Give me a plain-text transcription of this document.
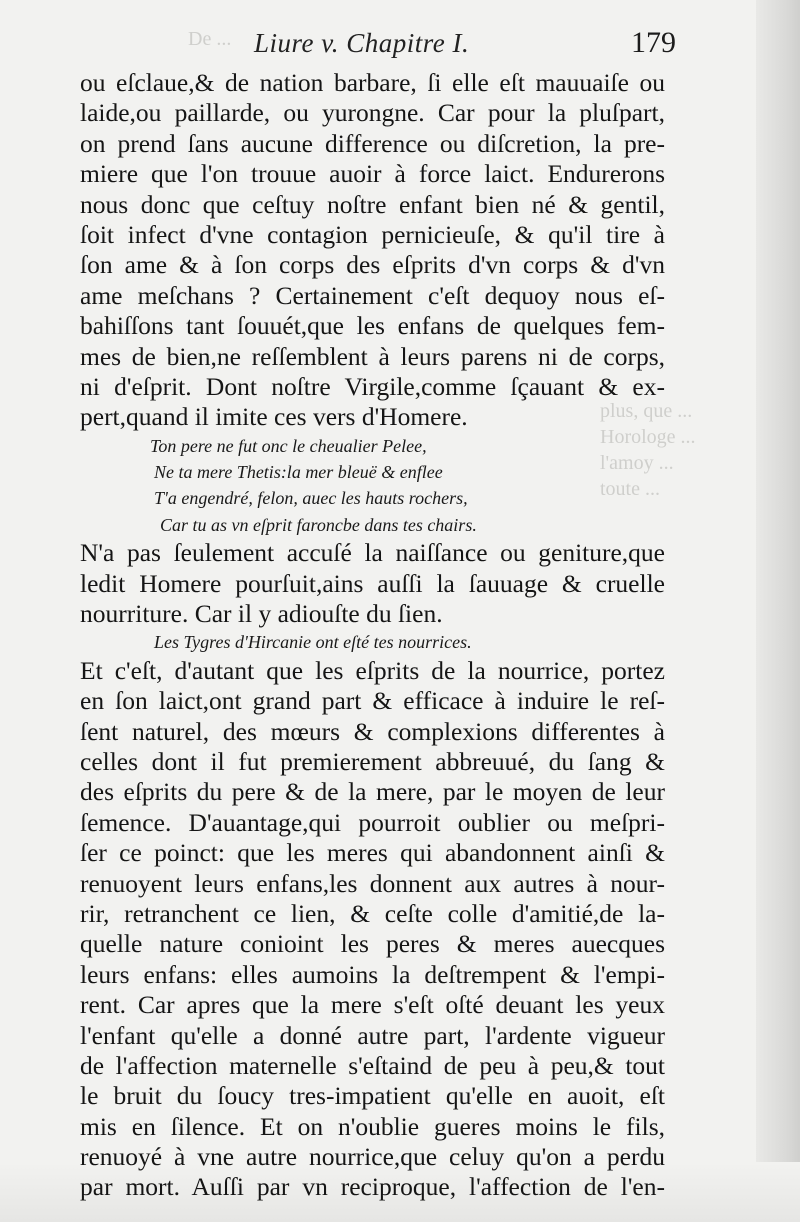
De ...
plus, que ...
Horologe ...
l'amoy ...
toute ...
Liure v. Chapitre I.	179
ou eſclaue,& de nation barbare, ſi elle eſt mauuaiſe ou
laide,ou paillarde, ou yurongne. Car pour la pluſpart,
on prend ſans aucune difference ou diſcretion, la pre-
miere que l'on trouue auoir à force laict. Endurerons
nous donc que ceſtuy noſtre enfant bien né & gentil,
ſoit infect d'vne contagion pernicieuſe, & qu'il tire à
ſon ame & à ſon corps des eſprits d'vn corps & d'vn
ame meſchans ? Certainement c'eſt dequoy nous eſ-
bahiſſons tant ſouuét,que les enfans de quelques fem-
mes de bien,ne reſſemblent à leurs parens ni de corps,
ni d'eſprit. Dont noſtre Virgile,comme ſçauant & ex-
pert,quand il imite ces vers d'Homere.
Ton pere ne fut onc le cheualier Pelee,
Ne ta mere Thetis:la mer bleuë & enflee
T'a engendré, felon, auec les hauts rochers,
Car tu as vn eſprit faroncbe dans tes chairs.
N'a pas ſeulement accuſé la naiſſance ou geniture,que
ledit Homere pourſuit,ains auſſi la ſauuage & cruelle
nourriture. Car il y adiouſte du ſien.
Les Tygres d'Hircanie ont eſté tes nourrices.
Et c'eſt, d'autant que les eſprits de la nourrice, portez
en ſon laict,ont grand part & efficace à induire le reſ-
ſent naturel, des mœurs & complexions differentes à
celles dont il fut premierement abbreuué, du ſang &
des eſprits du pere & de la mere, par le moyen de leur
ſemence. D'auantage,qui pourroit oublier ou meſpri-
ſer ce poinct: que les meres qui abandonnent ainſi &
renuoyent leurs enfans,les donnent aux autres à nour-
rir, retranchent ce lien, & ceſte colle d'amitié,de la-
quelle nature conioint les peres & meres auecques
leurs enfans: elles aumoins la deſtrempent & l'empi-
rent. Car apres que la mere s'eſt oſté deuant les yeux
l'enfant qu'elle a donné autre part, l'ardente vigueur
de l'affection maternelle s'eſtaind de peu à peu,& tout
le bruit du ſoucy tres-impatient qu'elle en auoit, eſt
mis en ſilence. Et on n'oublie gueres moins le fils,
renuoyé à vne autre nourrice,que celuy qu'on a perdu
par mort. Auſſi par vn reciproque, l'affection de l'en-
